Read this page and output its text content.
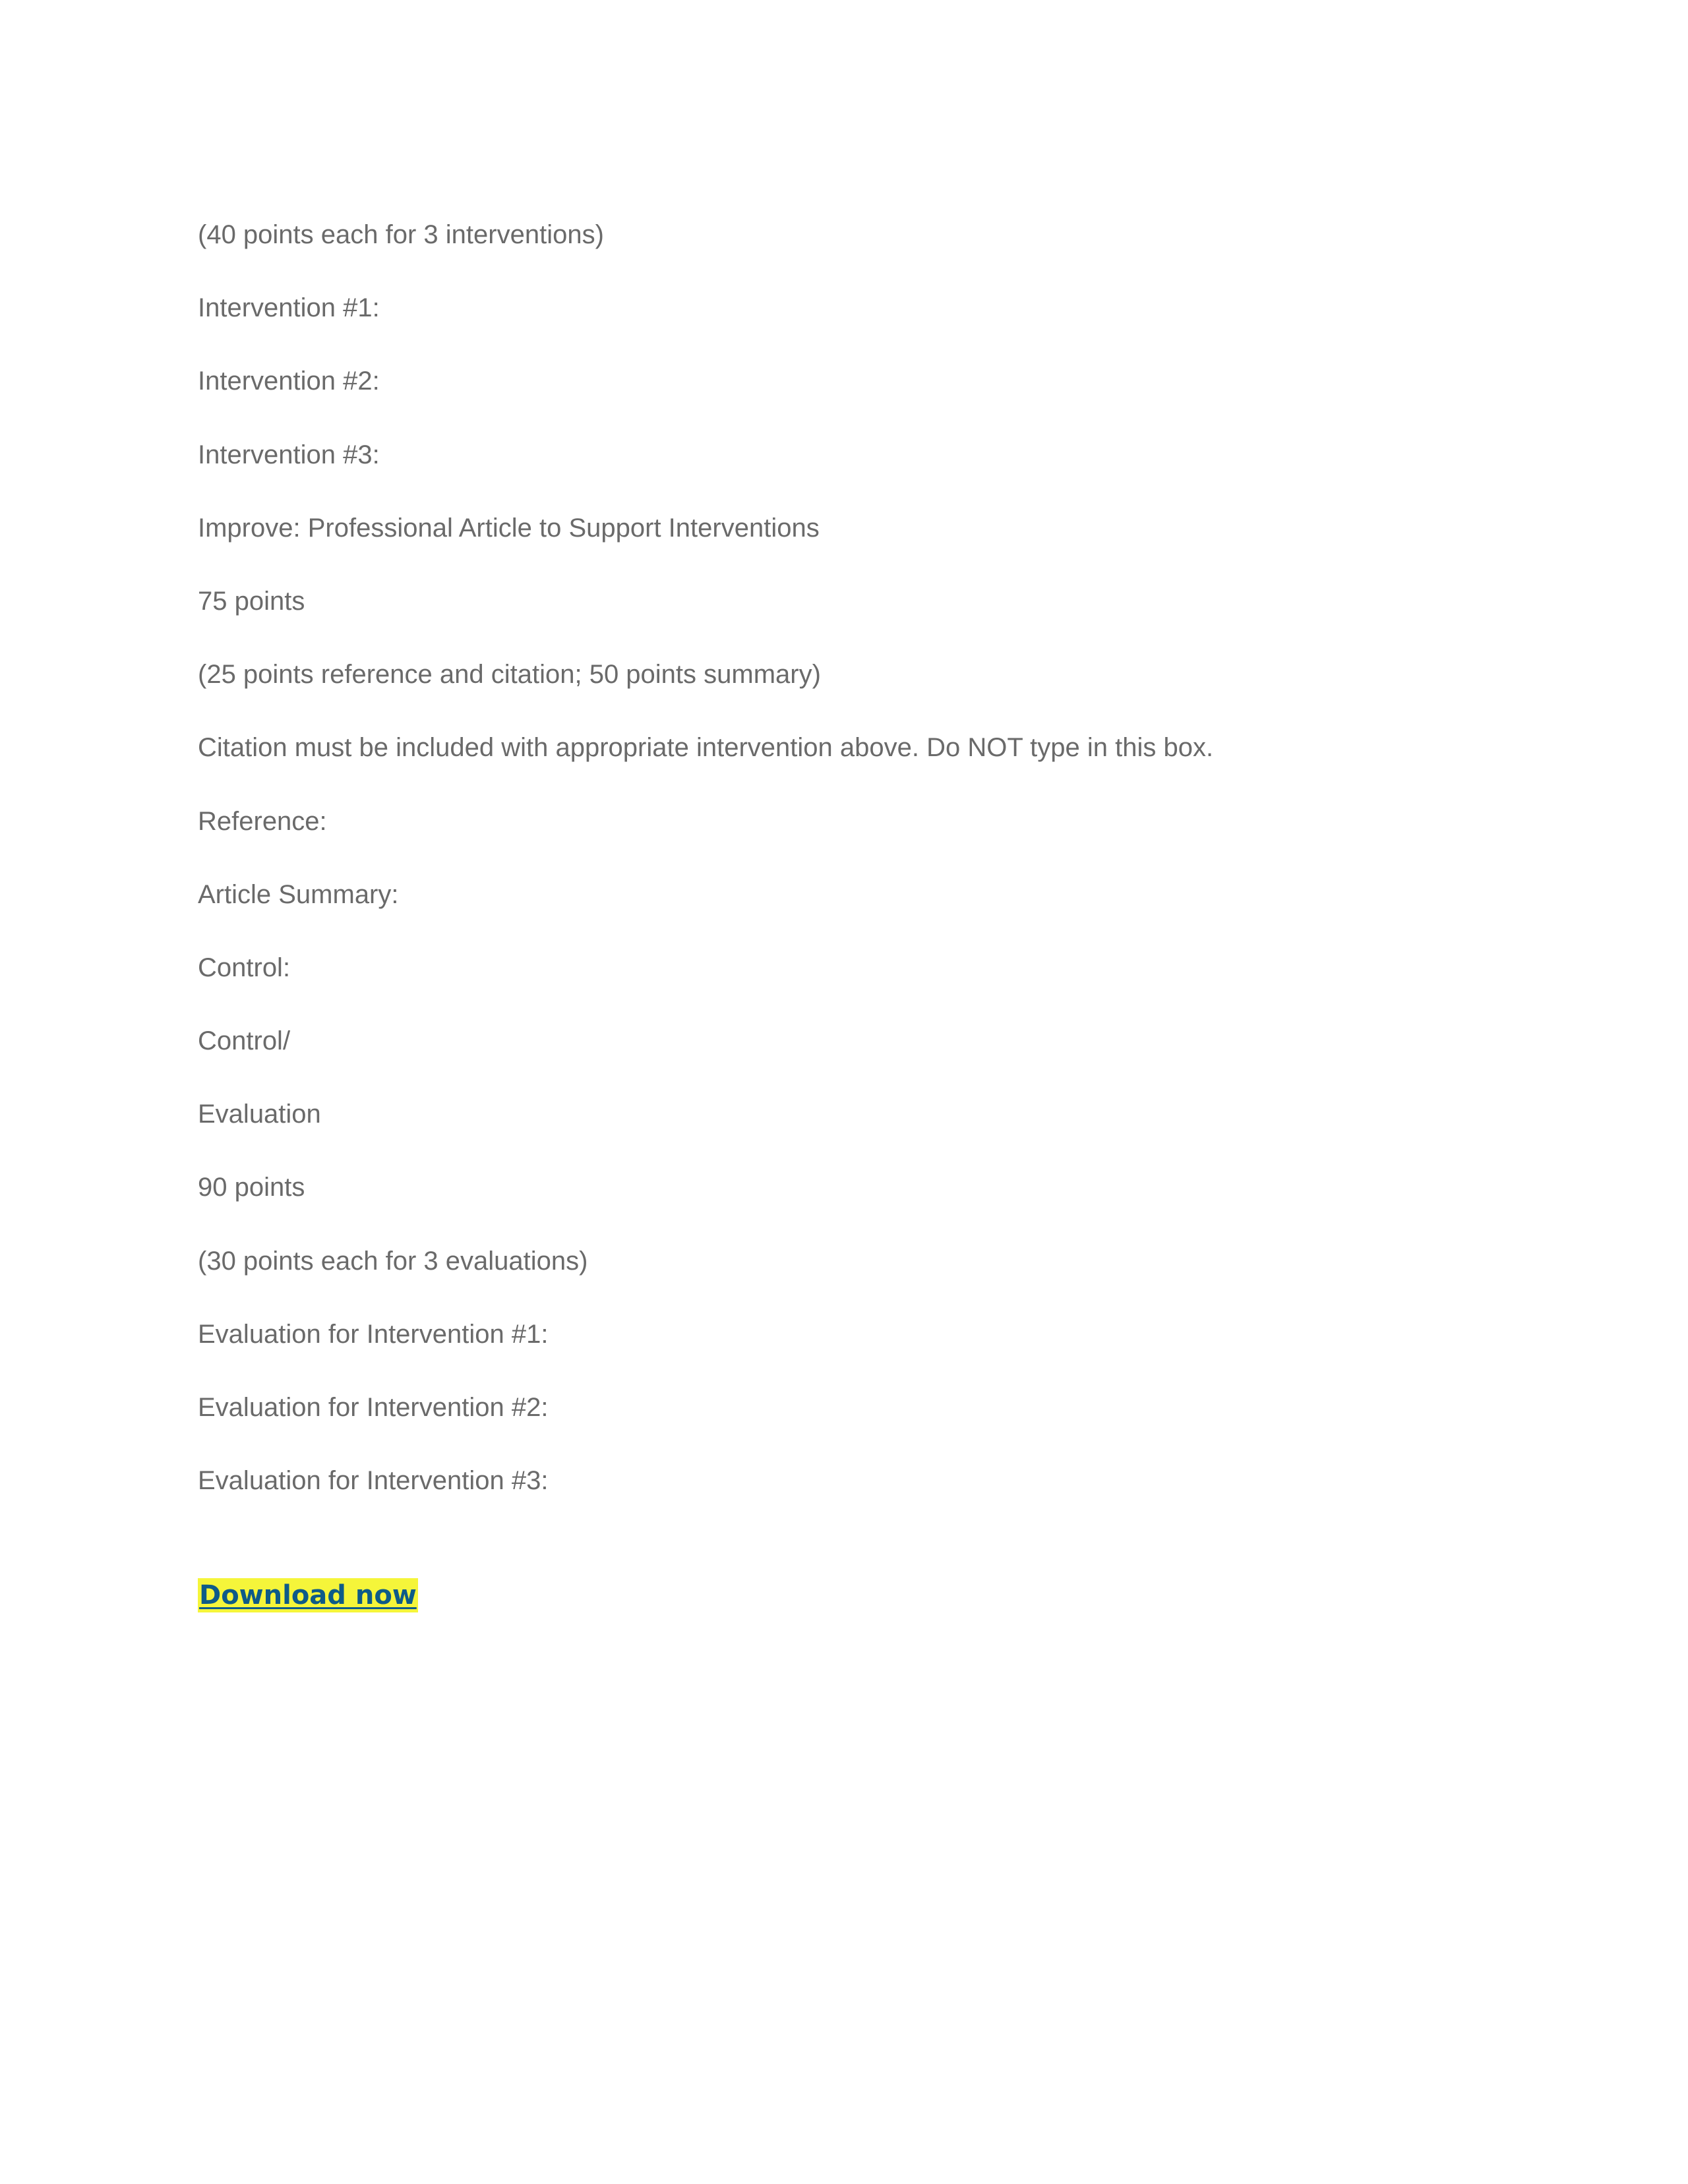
(40 points each for 3 interventions)
Intervention #1:
Intervention #2:
Intervention #3:
Improve: Professional Article to Support Interventions
75 points
(25 points reference and citation; 50 points summary)
Citation must be included with appropriate intervention above. Do NOT type in this box.
Reference:
Article Summary:
Control:
Control/
Evaluation
90 points
(30 points each for 3 evaluations)
Evaluation for Intervention #1:
Evaluation for Intervention #2:
Evaluation for Intervention #3:
Download now
